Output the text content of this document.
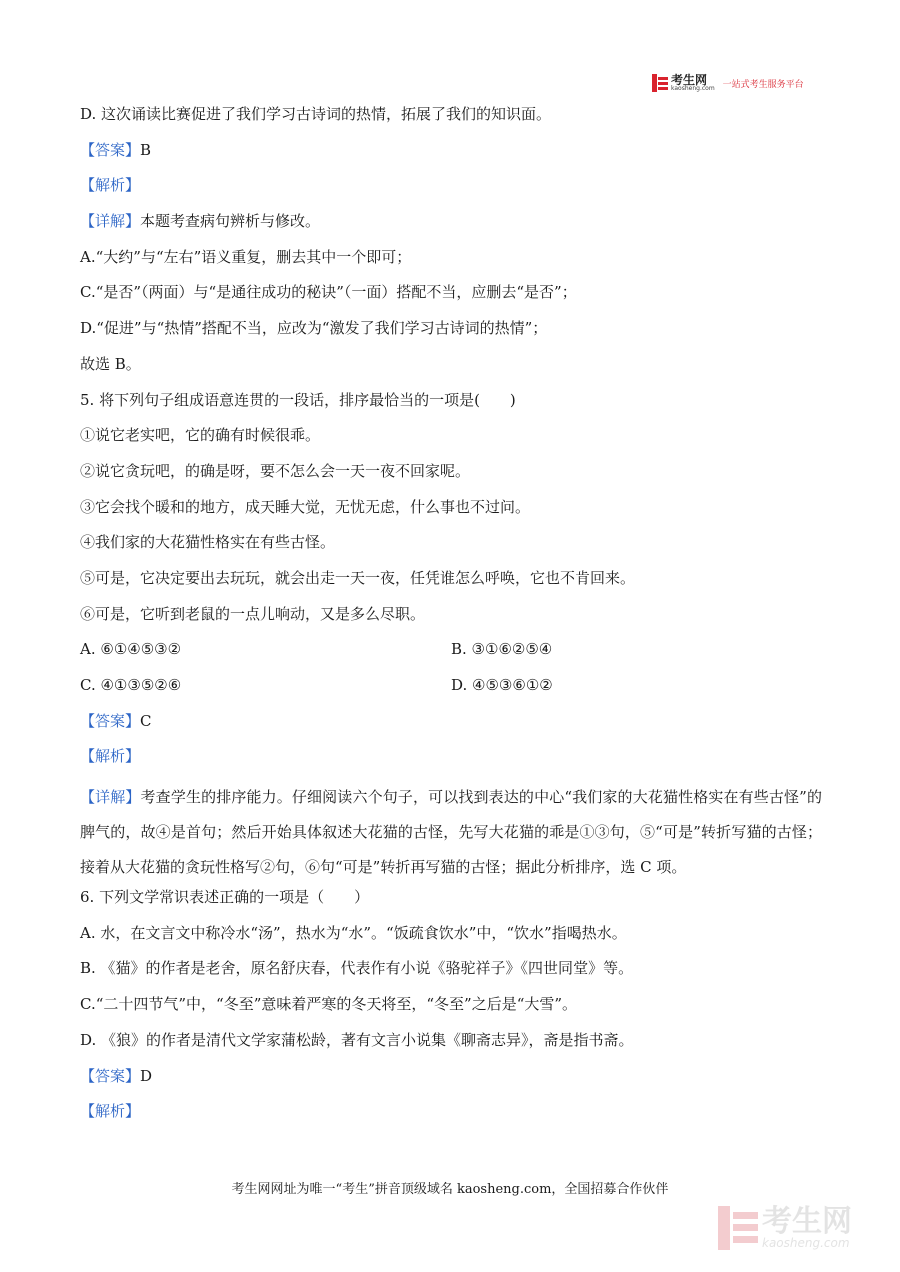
考生网
kaosheng.com 一站式考生服务平台
D. 这次诵读比赛促进了我们学习古诗词的热情，拓展了我们的知识面。
【答案】B
【解析】
【详解】本题考查病句辨析与修改。
A.“大约”与“左右”语义重复，删去其中一个即可；
C.“是否”（两面）与“是通往成功的秘诀”（一面）搭配不当，应删去“是否”；
D.“促进”与“热情”搭配不当，应改为“激发了我们学习古诗词的热情”；
故选 B。
5. 将下列句子组成语意连贯的一段话，排序最恰当的一项是(　　)
①说它老实吧，它的确有时候很乖。
②说它贪玩吧，的确是呀，要不怎么会一天一夜不回家呢。
③它会找个暖和的地方，成天睡大觉，无忧无虑，什么事也不过问。
④我们家的大花猫性格实在有些古怪。
⑤可是，它决定要出去玩玩，就会出走一天一夜，任凭谁怎么呼唤，它也不肯回来。
⑥可是，它听到老鼠的一点儿响动，又是多么尽职。
A. ⑥①④⑤③②	B. ③①⑥②⑤④
C. ④①③⑤②⑥	D. ④⑤③⑥①②
【答案】C
【解析】
【详解】考查学生的排序能力。仔细阅读六个句子，可以找到表达的中心“我们家的大花猫性格实在有些古怪”的脾气的，故④是首句；然后开始具体叙述大花猫的古怪，先写大花猫的乖是①③句，⑤“可是”转折写猫的古怪；接着从大花猫的贪玩性格写②句，⑥句“可是”转折再写猫的古怪；据此分析排序，选 C 项。
6. 下列文学常识表述正确的一项是（　　）
A. 水，在文言文中称冷水“汤”，热水为“水”。“饭疏食饮水”中，“饮水”指喝热水。
B. 《猫》的作者是老舍，原名舒庆春，代表作有小说《骆驼祥子》《四世同堂》等。
C.“二十四节气”中，“冬至”意味着严寒的冬天将至，“冬至”之后是“大雪”。
D. 《狼》的作者是清代文学家蒲松龄，著有文言小说集《聊斋志异》，斋是指书斋。
【答案】D
【解析】
考生网网址为唯一“考生”拼音顶级域名 kaosheng.com，全国招募合作伙伴
考生网
kaosheng.com
